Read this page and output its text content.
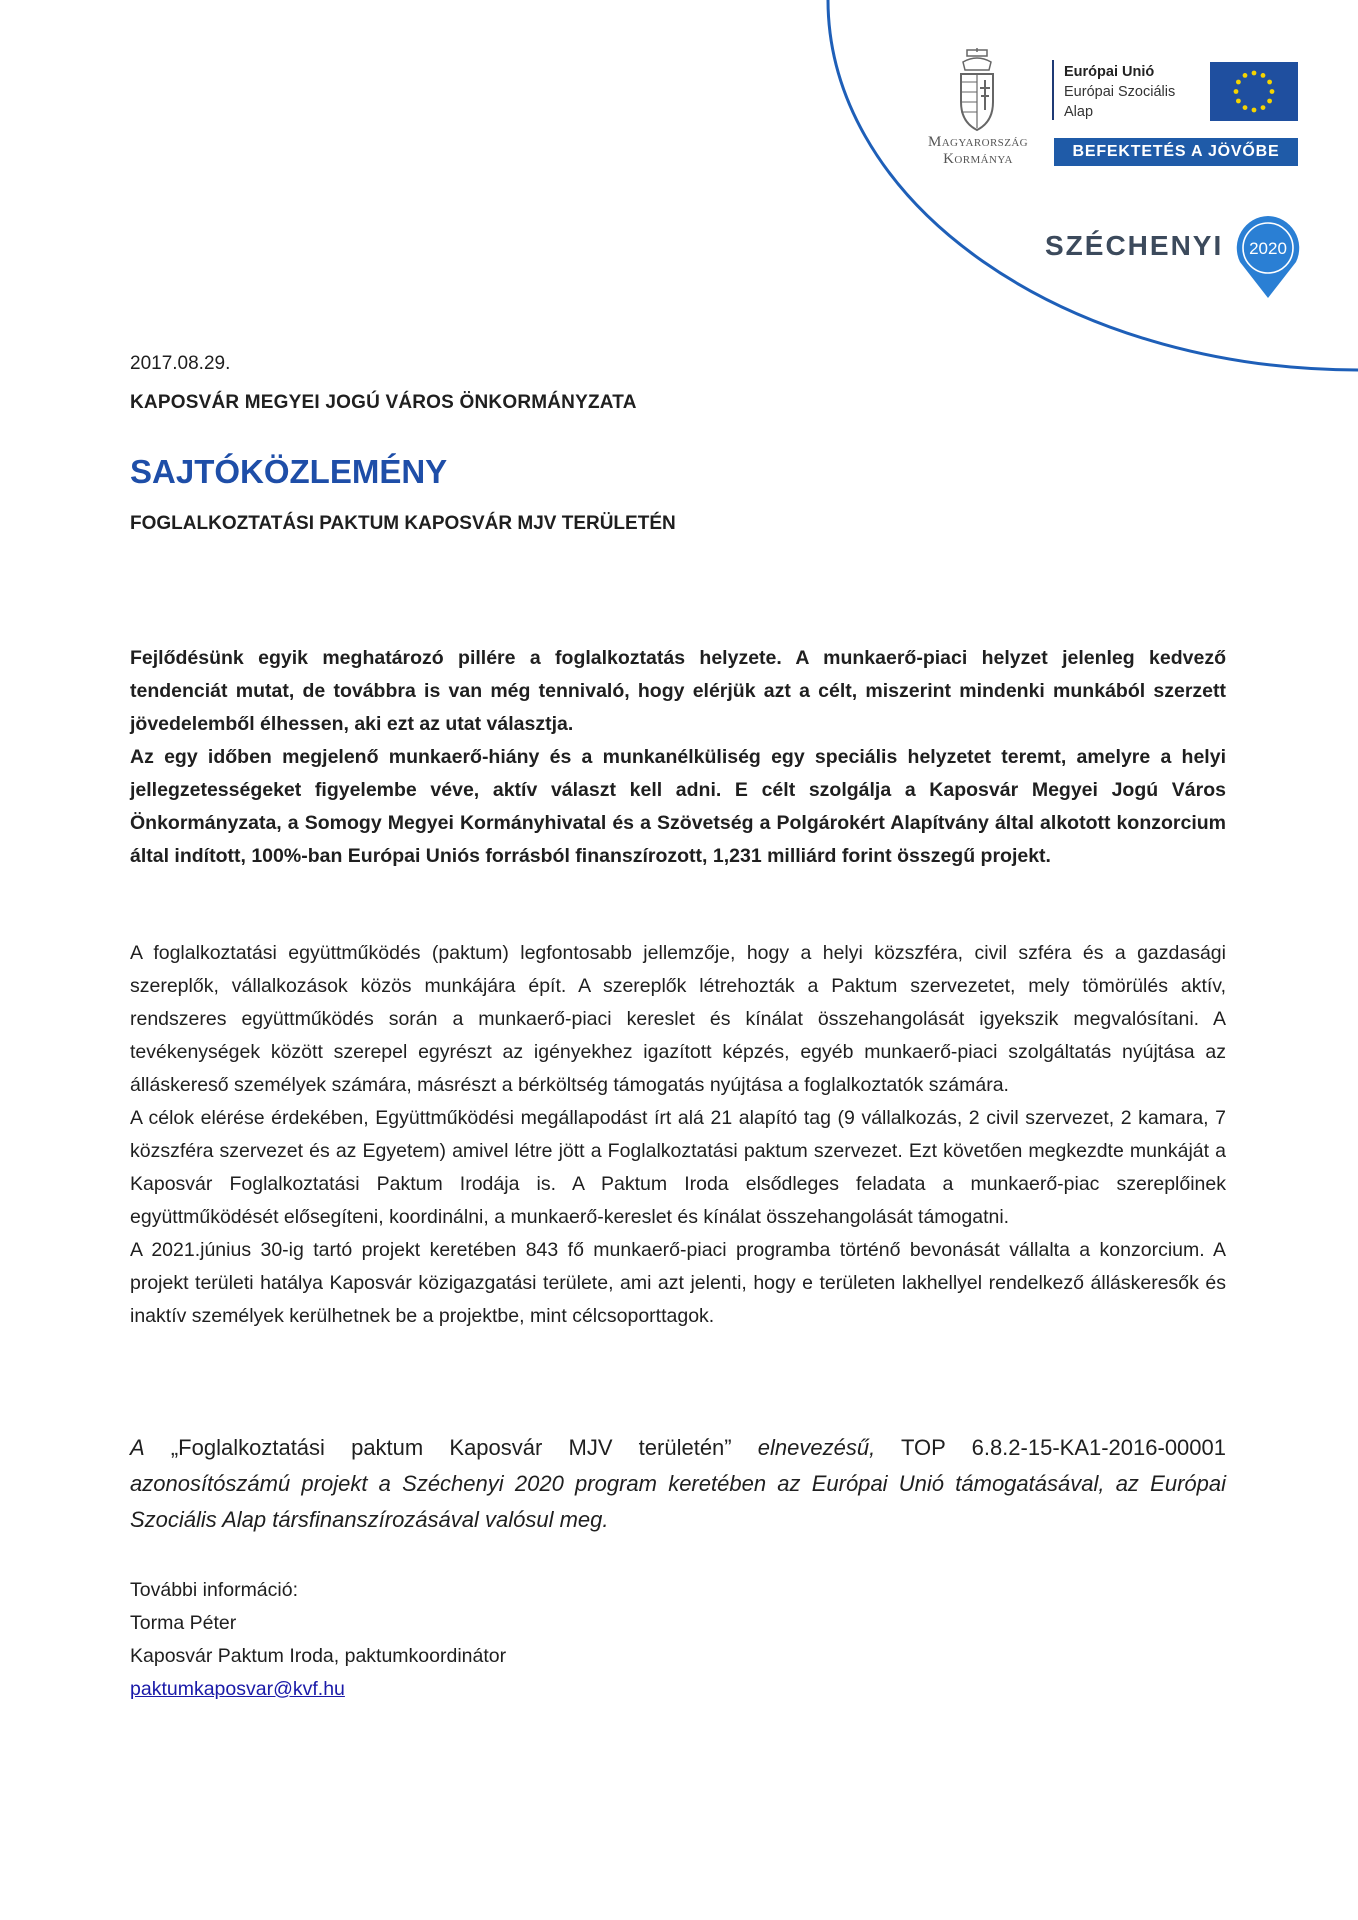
Magyarország
Kormánya
Európai Unió
Európai Szociális
Alap
BEFEKTETÉS A JÖVŐBE
SZÉCHENYI 2020
2017.08.29.
KAPOSVÁR MEGYEI JOGÚ VÁROS ÖNKORMÁNYZATA
SAJTÓKÖZLEMÉNY
FOGLALKOZTATÁSI PAKTUM KAPOSVÁR MJV TERÜLETÉN

Fejlődésünk egyik meghatározó pillére a foglalkoztatás helyzete. A munkaerő-piaci helyzet jelenleg kedvező tendenciát mutat, de továbbra is van még tennivaló, hogy elérjük azt a célt, miszerint mindenki munkából szerzett jövedelemből élhessen, aki ezt az utat választja.

Az egy időben megjelenő munkaerő-hiány és a munkanélküliség egy speciális helyzetet teremt, amelyre a helyi jellegzetességeket figyelembe véve, aktív választ kell adni. E célt szolgálja a Kaposvár Megyei Jogú Város Önkormányzata, a Somogy Megyei Kormányhivatal és a Szövetség a Polgárokért Alapítvány által alkotott konzorcium által indított, 100%-ban Európai Uniós forrásból finanszírozott, 1,231 milliárd forint összegű projekt.

A foglalkoztatási együttműködés (paktum) legfontosabb jellemzője, hogy a helyi közszféra, civil szféra és a gazdasági szereplők, vállalkozások közös munkájára épít. A szereplők létrehozták a Paktum szervezetet, mely tömörülés aktív, rendszeres együttműködés során a munkaerő-piaci kereslet és kínálat összehangolását igyekszik megvalósítani. A tevékenységek között szerepel egyrészt az igényekhez igazított képzés, egyéb munkaerő-piaci szolgáltatás nyújtása az álláskereső személyek számára, másrészt a bérköltség támogatás nyújtása a foglalkoztatók számára.

A célok elérése érdekében, Együttműködési megállapodást írt alá 21 alapító tag (9 vállalkozás, 2 civil szervezet, 2 kamara, 7 közszféra szervezet és az Egyetem) amivel létre jött a Foglalkoztatási paktum szervezet. Ezt követően megkezdte munkáját a Kaposvár Foglalkoztatási Paktum Irodája is. A Paktum Iroda elsődleges feladata a munkaerő-piac szereplőinek együttműködését elősegíteni, koordinálni, a munkaerő-kereslet és kínálat összehangolását támogatni.

A 2021.június 30-ig tartó projekt keretében 843 fő munkaerő-piaci programba történő bevonását vállalta a konzorcium. A projekt területi hatálya Kaposvár közigazgatási területe, ami azt jelenti, hogy e területen lakhellyel rendelkező álláskeresők és inaktív személyek kerülhetnek be a projektbe, mint célcsoporttagok.

A „Foglalkoztatási paktum Kaposvár MJV területén” elnevezésű, TOP 6.8.2-15-KA1-2016-00001 azonosítószámú projekt a Széchenyi 2020 program keretében az Európai Unió támogatásával, az Európai Szociális Alap társfinanszírozásával valósul meg.

További információ:
Torma Péter
Kaposvár Paktum Iroda, paktumkoordinátor
paktumkaposvar@kvf.hu
